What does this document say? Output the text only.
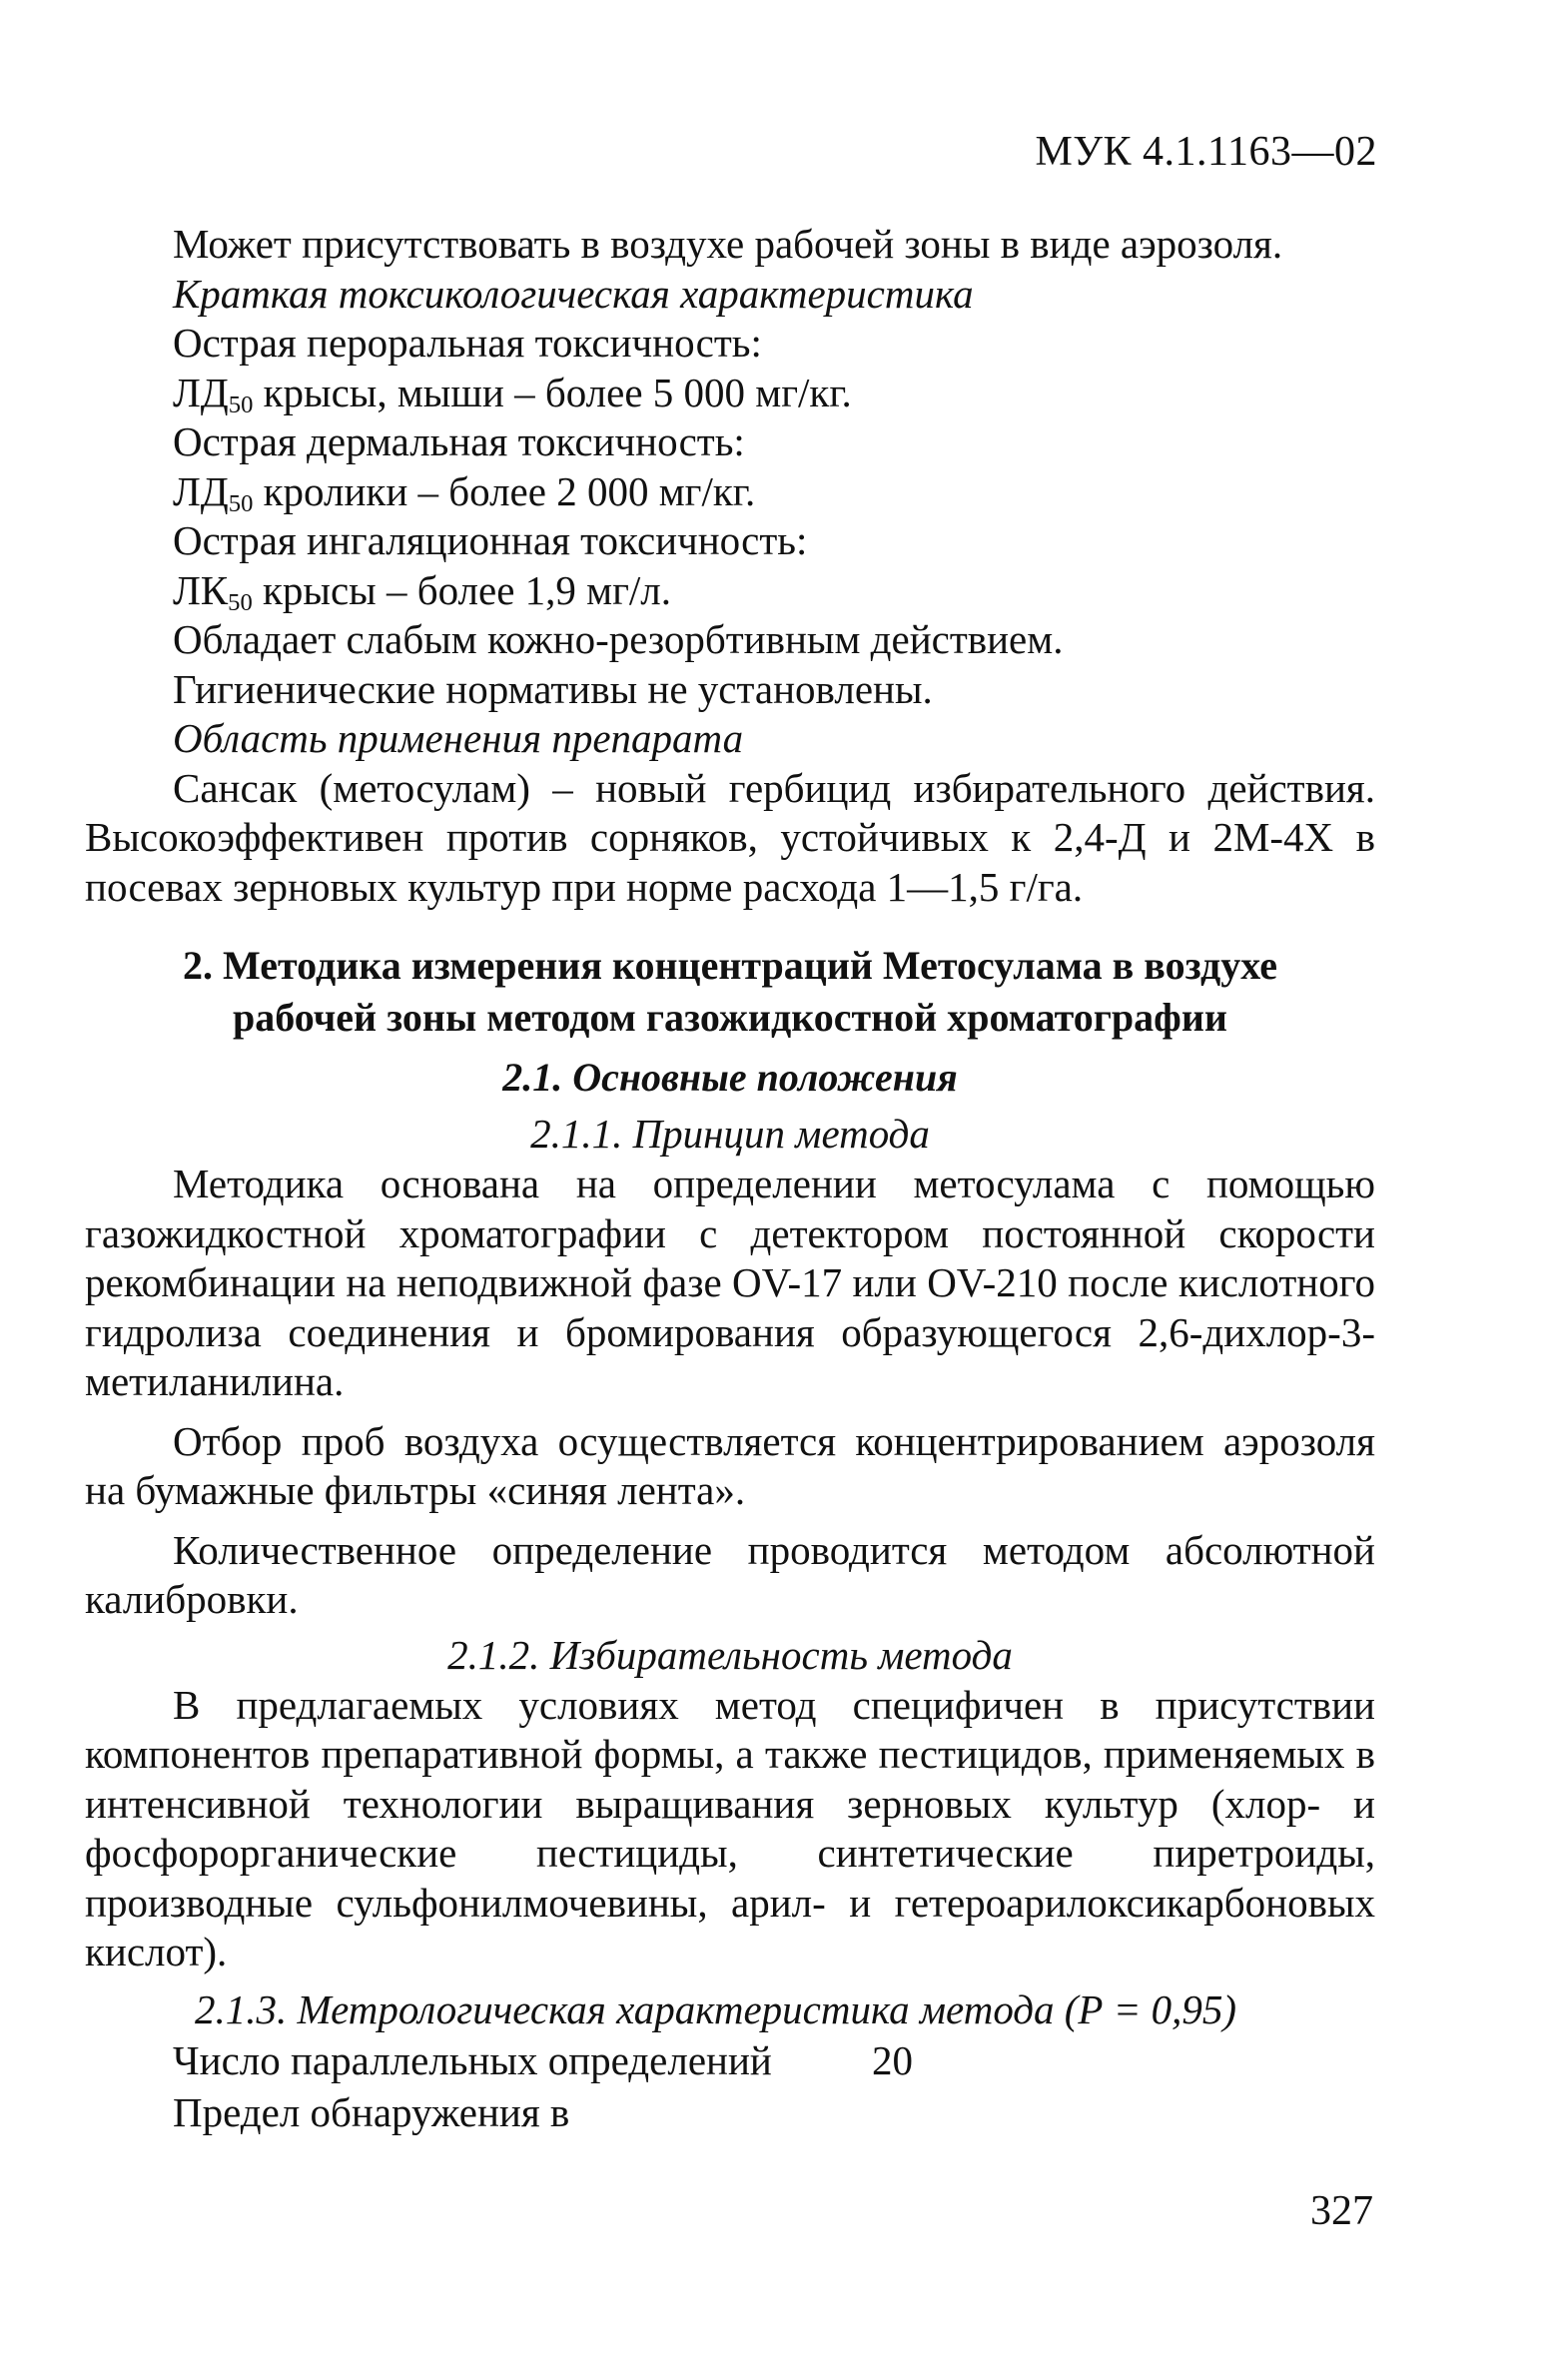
МУК 4.1.1163—02

Может присутствовать в воздухе рабочей зоны в виде аэрозоля.

Краткая токсикологическая характеристика

Острая пероральная токсичность:

$ЛД_{50}$ крысы, мыши – более 5 000 мг/кг.

Острая дермальная токсичность:

$ЛД_{50}$ кролики – более 2 000 мг/кг.

Острая ингаляционная токсичность:

$ЛК_{50}$ крысы – более 1,9 мг/л.

Обладает слабым кожно-резорбтивным действием.

Гигиенические нормативы не установлены.

Область применения препарата

Сансак (метосулам) – новый гербицид избирательного действия. Высокоэффективен против сорняков, устойчивых к 2,4-Д и 2М-4Х в посевах зерновых культур при норме расхода 1—1,5 г/га.

2. Методика измерения концентраций Метосулама в воздухе
рабочей зоны методом газожидкостной хроматографии

2.1. Основные положения

2.1.1. Принцип метода

Методика основана на определении метосулама с помощью газожидкостной хроматографии с детектором постоянной скорости рекомбинации на неподвижной фазе OV-17 или OV-210 после кислотного гидролиза соединения и бромирования образующегося 2,6-дихлор-3-метиланилина.

Отбор проб воздуха осуществляется концентрированием аэрозоля на бумажные фильтры «синяя лента».

Количественное определение проводится методом абсолютной калибровки.

2.1.2. Избирательность метода

В предлагаемых условиях метод специфичен в присутствии компонентов препаративной формы, а также пестицидов, применяемых в интенсивной технологии выращивания зерновых культур (хлор- и фосфорорганические пестициды, синтетические пиретроиды, производные сульфонилмочевины, арил- и гетероарилоксикарбоновых кислот).

2.1.3. Метрологическая характеристика метода (Р = 0,95)

Число параллельных определений	20
Предел обнаружения в
327
